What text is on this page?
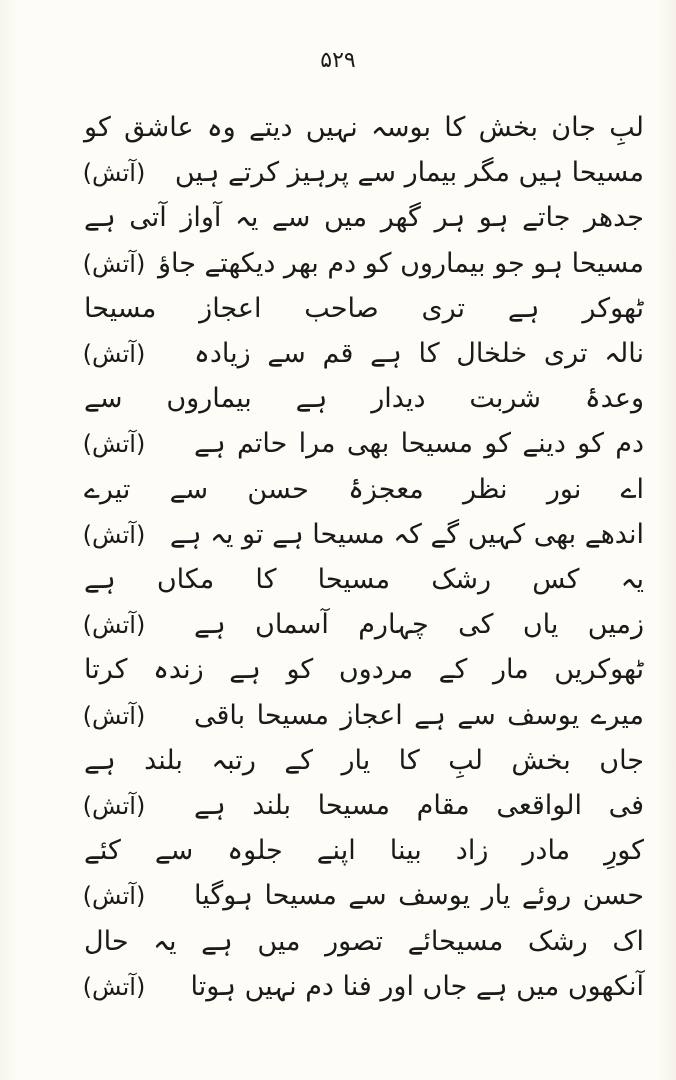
۵۲۹
لبِ جان بخش کا بوسہ نہیں دیتے وہ عاشق کو
مسیحا ہیں مگر بیمار سے پرہیز کرتے ہیں
(آتش)
جدھر جاتے ہو ہر گھر میں سے یہ آواز آتی ہے
مسیحا ہو جو بیماروں کو دم بھر دیکھتے جاؤ
(آتش)
ٹھوکر ہے تری صاحب اعجاز مسیحا
نالہ تری خلخال کا ہے قم سے زیادہ
(آتش)
وعدۂ شربت دیدار ہے بیماروں سے
دم کو دینے کو مسیحا بھی مرا حاتم ہے
(آتش)
اے نور نظر معجزۂ حسن سے تیرے
اندھے بھی کہیں گے کہ مسیحا ہے تو یہ ہے
(آتش)
یہ کس رشک مسیحا کا مکاں ہے
زمیں یاں کی چہارم آسماں ہے
(آتش)
ٹھوکریں مار کے مردوں کو ہے زندہ کرتا
میرے یوسف سے ہے اعجاز مسیحا باقی
(آتش)
جاں بخش لبِ کا یار کے رتبہ بلند ہے
فی الواقعی مقام مسیحا بلند ہے
(آتش)
کورِ مادر زاد بینا اپنے جلوہ سے کئے
حسن روئے یار یوسف سے مسیحا ہوگیا
(آتش)
اک رشک مسیحائے تصور میں ہے یہ حال
آنکھوں میں ہے جاں اور فنا دم نہیں ہوتا
(آتش)
